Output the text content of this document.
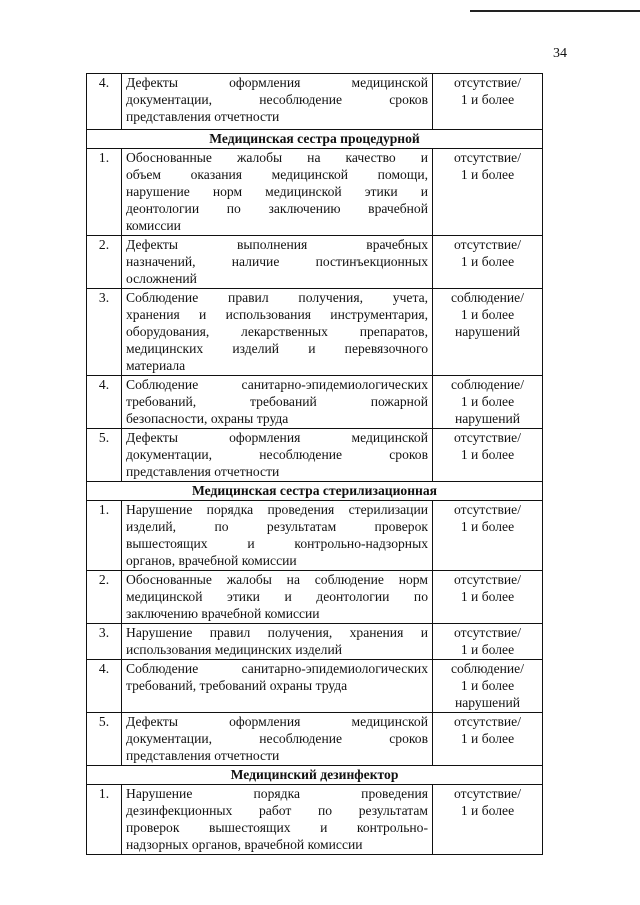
34
4.	Дефекты оформления медицинской
документации, несоблюдение сроков
представления отчетности	отсутствие/
1 и более

Медицинская сестра процедурной		
1.	Обоснованные жалобы на качество и
объем оказания медицинской помощи,
нарушение норм медицинской этики и
деонтологии по заключению врачебной
комиссии	отсутствие/
1 и более

2.	Дефекты выполнения врачебных
назначений, наличие постинъекционных
осложнений	отсутствие/
1 и более

3.	Соблюдение правил получения, учета,
хранения и использования инструментария,
оборудования, лекарственных препаратов,
медицинских изделий и перевязочного
материала	соблюдение/
1 и более
нарушений

4.	Соблюдение санитарно-эпидемиологических
требований, требований пожарной
безопасности, охраны труда	соблюдение/
1 и более
нарушений

5.	Дефекты оформления медицинской
документации, несоблюдение сроков
представления отчетности	отсутствие/
1 и более

Медицинская сестра стерилизационная		
1.	Нарушение порядка проведения стерилизации
изделий, по результатам проверок
вышестоящих и контрольно-надзорных
органов, врачебной комиссии	отсутствие/
1 и более

2.	Обоснованные жалобы на соблюдение норм
медицинской этики и деонтологии по
заключению врачебной комиссии	отсутствие/
1 и более

3.	Нарушение правил получения, хранения и
использования медицинских изделий	отсутствие/
1 и более

4.	Соблюдение санитарно-эпидемиологических
требований, требований охраны труда	соблюдение/
1 и более
нарушений

5.	Дефекты оформления медицинской
документации, несоблюдение сроков
представления отчетности	отсутствие/
1 и более

Медицинский дезинфектор		
1.	Нарушение порядка проведения
дезинфекционных работ по результатам
проверок вышестоящих и контрольно-
надзорных органов, врачебной комиссии	отсутствие/
1 и более
